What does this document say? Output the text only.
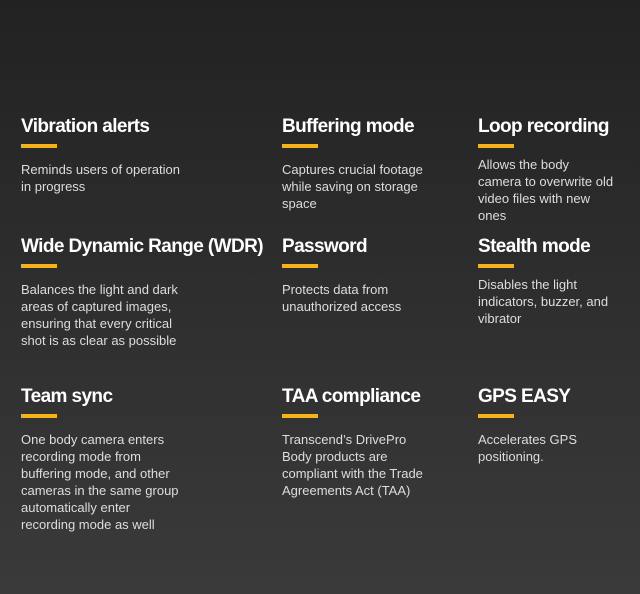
Vibration alerts

Reminds users of operation
in progress

Buffering mode

Captures crucial footage
while saving on storage
space

Loop recording

Allows the body
camera to overwrite old
video files with new
ones

Wide Dynamic Range (WDR)

Balances the light and dark
areas of captured images,
ensuring that every critical
shot is as clear as possible

Password

Protects data from
unauthorized access

Stealth mode

Disables the light
indicators, buzzer, and
vibrator

Team sync

One body camera enters
recording mode from
buffering mode, and other
cameras in the same group
automatically enter
recording mode as well

TAA compliance

Transcend’s DrivePro
Body products are
compliant with the Trade
Agreements Act (TAA)

GPS EASY

Accelerates GPS
positioning.
